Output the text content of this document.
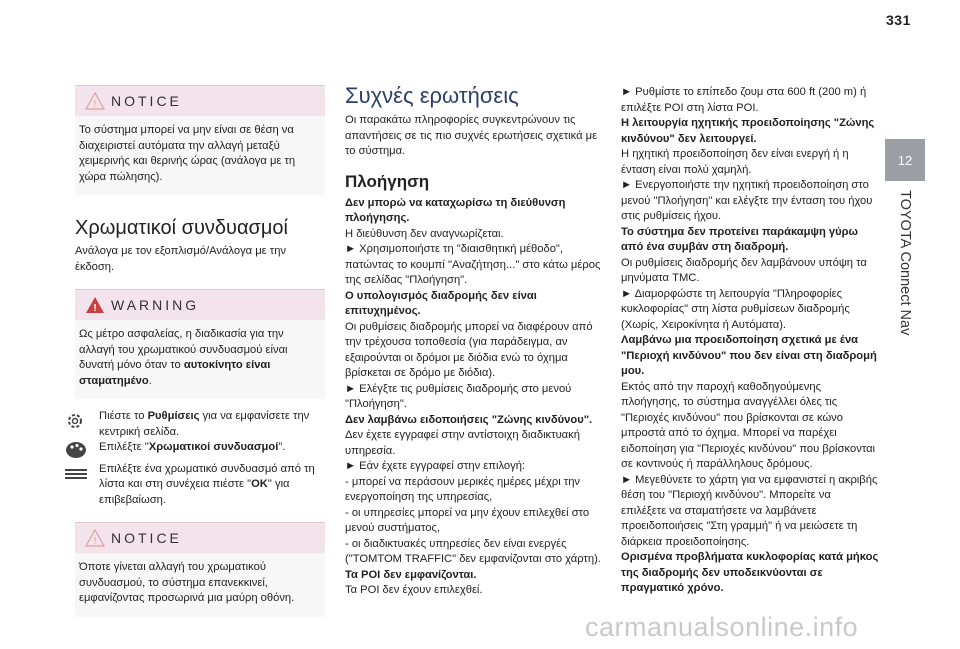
331
12
TOYOTA Connect Nav
! NOTICE

Το σύστημα μπορεί να μην είναι σε θέση να διαχειριστεί αυτόματα την αλλαγή μεταξύ χειμερινής και θερινής ώρας (ανάλογα με τη χώρα πώλησης).

Χρωματικοί συνδυασμοί

Ανάλογα με τον εξοπλισμό/Ανάλογα με την έκδοση.

! WARNING

Ως μέτρο ασφαλείας, η διαδικασία για την αλλαγή του χρωματικού συνδυασμού είναι δυνατή μόνο όταν το αυτοκίνητο είναι σταματημένο.

Πιέστε το Ρυθμίσεις για να εμφανίσετε την κεντρική σελίδα.

Επιλέξτε "Χρωματικοί συνδυασμοί".

Επιλέξτε ένα χρωματικό συνδυασμό από τη λίστα και στη συνέχεια πιέστε "OK" για επιβεβαίωση.

! NOTICE

Όποτε γίνεται αλλαγή του χρωματικού συνδυασμού, το σύστημα επανεκκινεί, εμφανίζοντας προσωρινά μια μαύρη οθόνη.

Συχνές ερωτήσεις

Οι παρακάτω πληροφορίες συγκεντρώνουν τις απαντήσεις σε τις πιο συχνές ερωτήσεις σχετικά με το σύστημα.

Πλοήγηση

Δεν μπορώ να καταχωρίσω τη διεύθυνση πλοήγησης.

Η διεύθυνση δεν αναγνωρίζεται.

► Χρησιμοποιήστε τη "διαισθητική μέθοδο", πατώντας το κουμπί "Αναζήτηση..." στο κάτω μέρος της σελίδας "Πλοήγηση".

Ο υπολογισμός διαδρομής δεν είναι επιτυχημένος.

Οι ρυθμίσεις διαδρομής μπορεί να διαφέρουν από την τρέχουσα τοποθεσία (για παράδειγμα, αν εξαιρούνται οι δρόμοι με διόδια ενώ το όχημα βρίσκεται σε δρόμο με διόδια).

► Ελέγξτε τις ρυθμίσεις διαδρομής στο μενού "Πλοήγηση".

Δεν λαμβάνω ειδοποιήσεις "Ζώνης κινδύνου".

Δεν έχετε εγγραφεί στην αντίστοιχη διαδικτυακή υπηρεσία.

► Εάν έχετε εγγραφεί στην επιλογή:

- μπορεί να περάσουν μερικές ημέρες μέχρι την ενεργοποίηση της υπηρεσίας,

- οι υπηρεσίες μπορεί να μην έχουν επιλεχθεί στο μενού συστήματος,

- οι διαδικτυακές υπηρεσίες δεν είναι ενεργές ("TOMTOM TRAFFIC" δεν εμφανίζονται στο χάρτη).

Τα POI δεν εμφανίζονται.

Τα POI δεν έχουν επιλεχθεί.

► Ρυθμίστε το επίπεδο ζουμ στα 600 ft (200 m) ή επιλέξτε POI στη λίστα POI.

Η λειτουργία ηχητικής προειδοποίησης "Ζώνης κινδύνου" δεν λειτουργεί.

Η ηχητική προειδοποίηση δεν είναι ενεργή ή η ένταση είναι πολύ χαμηλή.

► Ενεργοποιήστε την ηχητική προειδοποίηση στο μενού "Πλοήγηση" και ελέγξτε την ένταση του ήχου στις ρυθμίσεις ήχου.

Το σύστημα δεν προτείνει παράκαμψη γύρω από ένα συμβάν στη διαδρομή.

Οι ρυθμίσεις διαδρομής δεν λαμβάνουν υπόψη τα μηνύματα TMC.

► Διαμορφώστε τη λειτουργία "Πληροφορίες κυκλοφορίας" στη λίστα ρυθμίσεων διαδρομής (Χωρίς, Χειροκίνητα ή Αυτόματα).

Λαμβάνω μια προειδοποίηση σχετικά με ένα "Περιοχή κινδύνου" που δεν είναι στη διαδρομή μου.

Εκτός από την παροχή καθοδηγούμενης πλοήγησης, το σύστημα αναγγέλλει όλες τις "Περιοχές κινδύνου" που βρίσκονται σε κώνο μπροστά από το όχημα. Μπορεί να παρέχει ειδοποίηση για "Περιοχές κινδύνου" που βρίσκονται σε κοντινούς ή παράλληλους δρόμους.

► Μεγεθύνετε το χάρτη για να εμφανιστεί η ακριβής θέση του "Περιοχή κινδύνου". Μπορείτε να επιλέξετε να σταματήσετε να λαμβάνετε προειδοποιήσεις "Στη γραμμή" ή να μειώσετε τη διάρκεια προειδοποίησης.

Ορισμένα προβλήματα κυκλοφορίας κατά μήκος της διαδρομής δεν υποδεικνύονται σε πραγματικό χρόνο.

carmanualsonline.info
